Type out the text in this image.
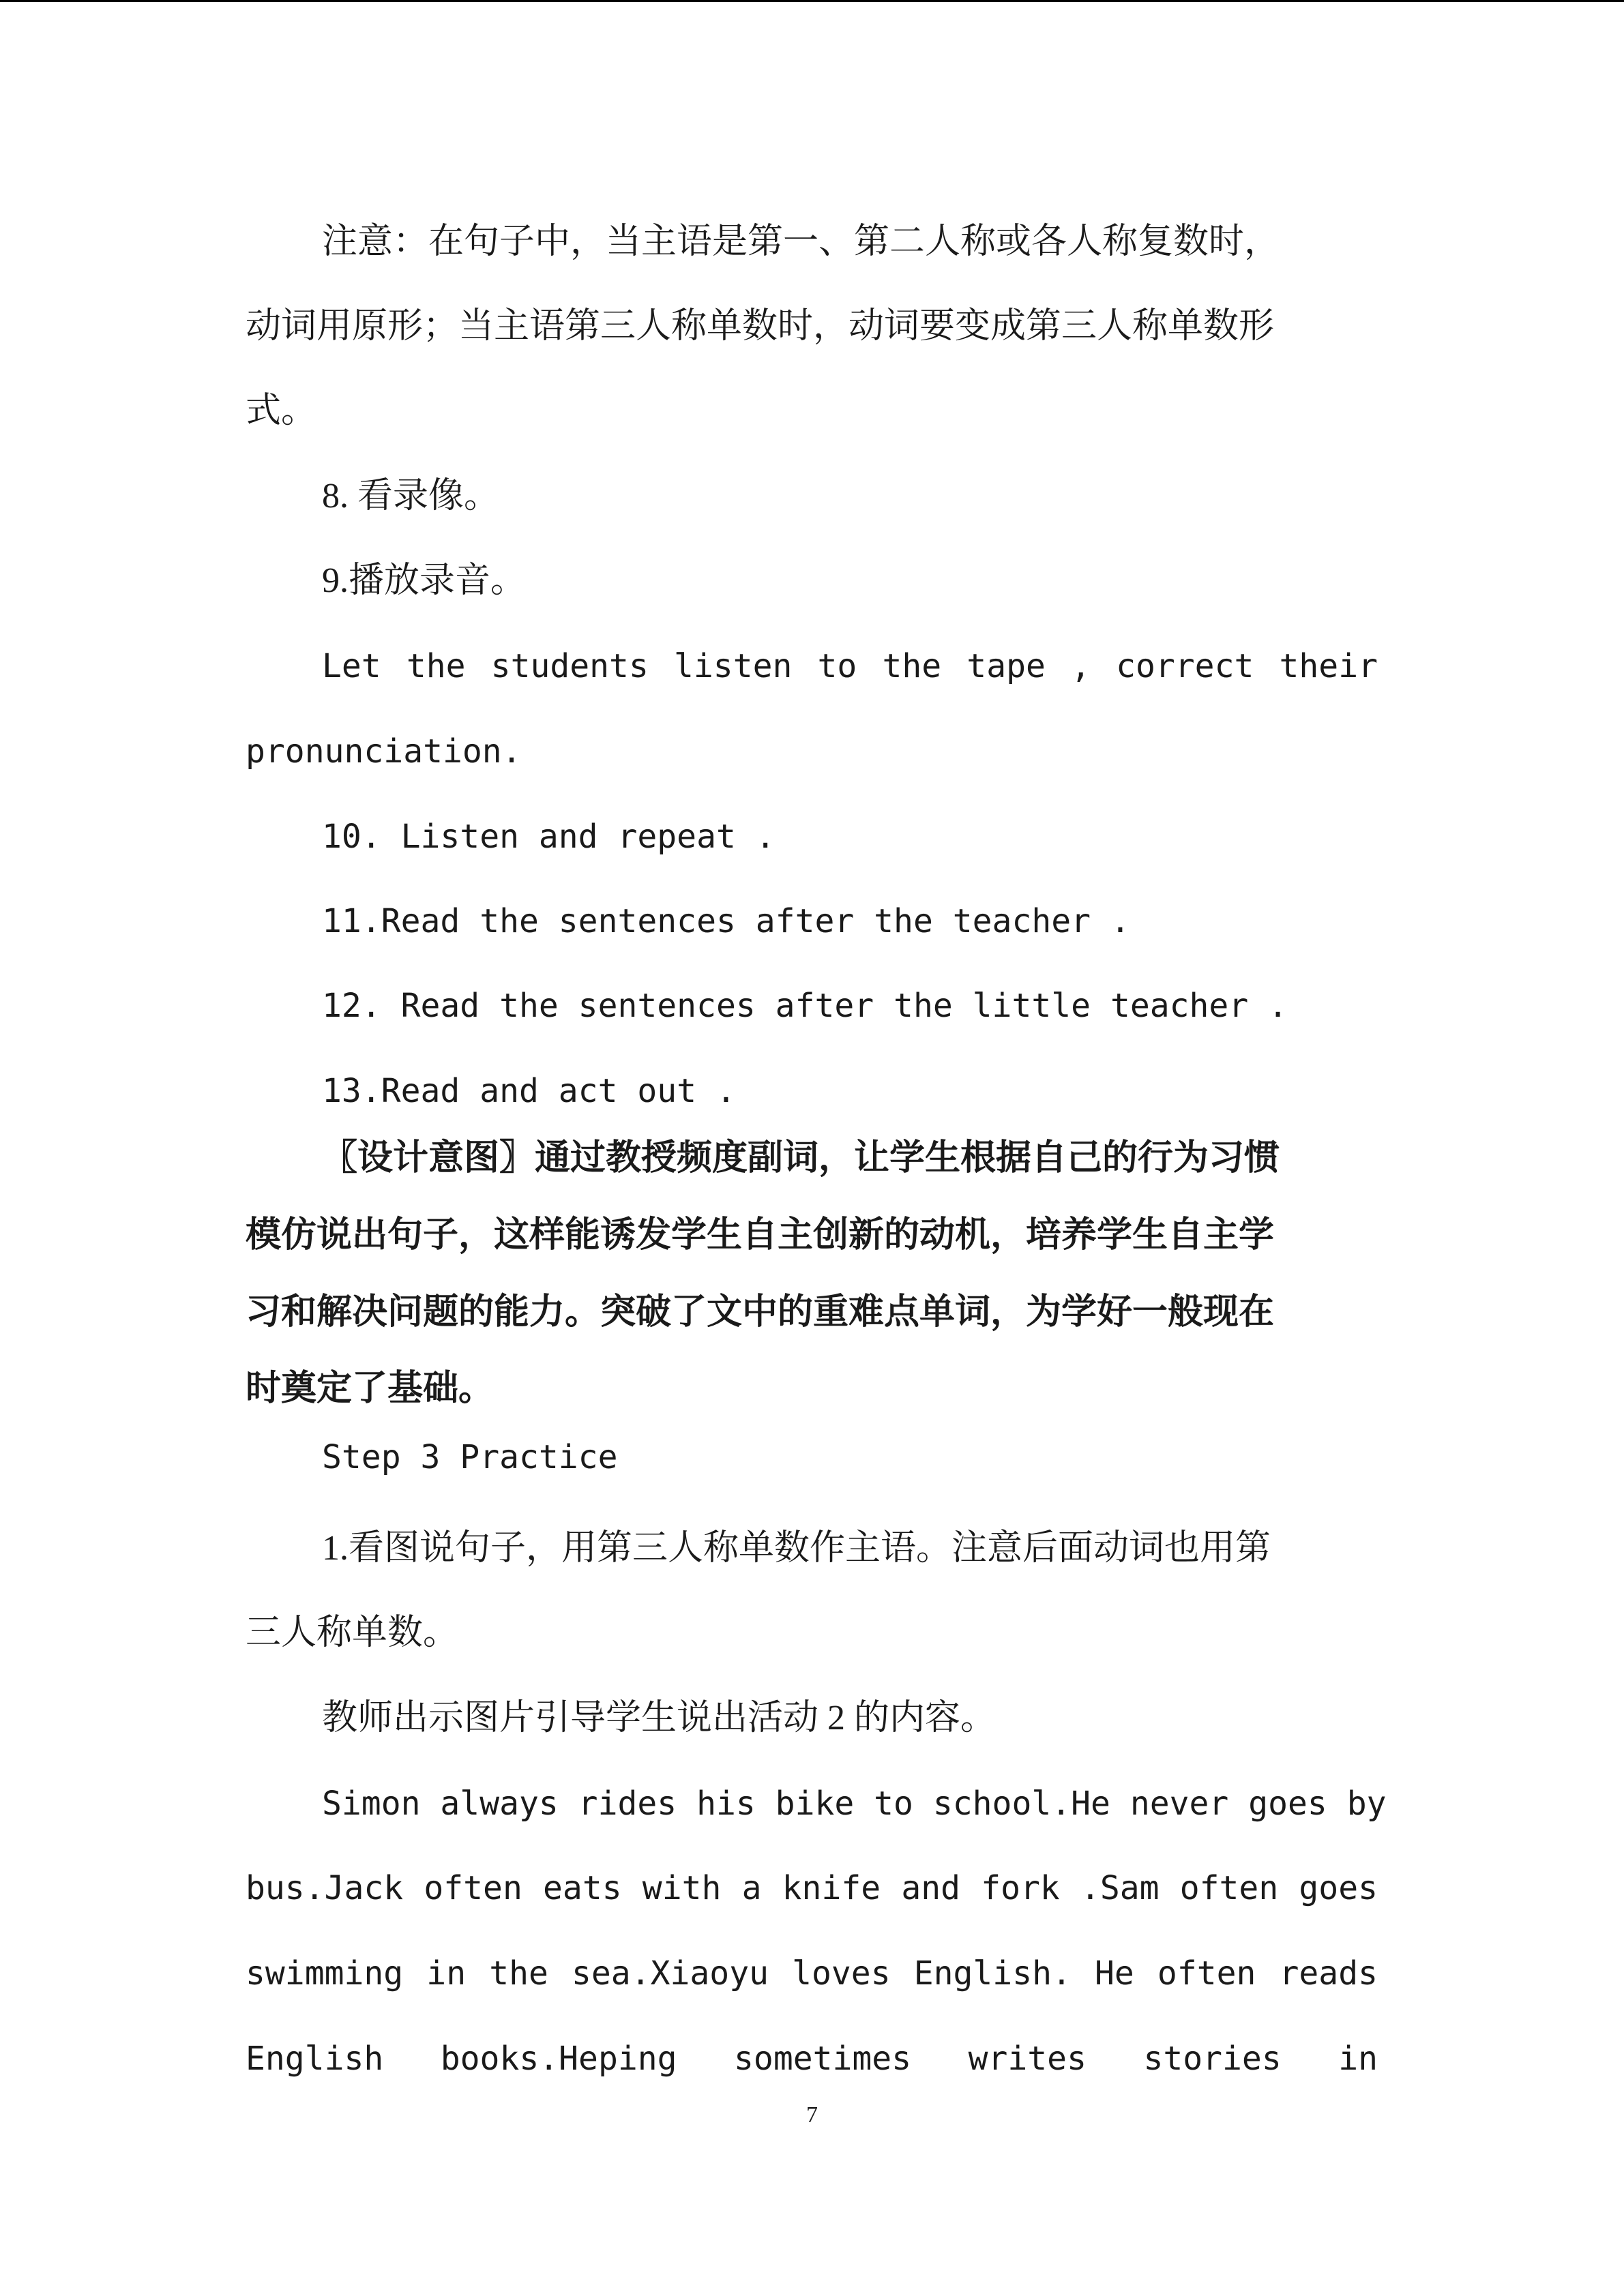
注意：在句子中，当主语是第一、第二人称或各人称复数时，
动词用原形；当主语第三人称单数时，动词要变成第三人称单数形
式。
8. 看录像。
9.播放录音。
Let the students listen to the tape , correct their
pronunciation.
10. Listen and repeat .
11.Read the sentences after the teacher .
12. Read the sentences after the little teacher .
13.Read and act out .
〖设计意图〗通过教授频度副词，让学生根据自己的行为习惯
模仿说出句子，这样能诱发学生自主创新的动机，培养学生自主学
习和解决问题的能力。突破了文中的重难点单词，为学好一般现在
时奠定了基础。
Step 3 Practice
1.看图说句子，用第三人称单数作主语。注意后面动词也用第
三人称单数。
教师出示图片引导学生说出活动 2 的内容。
Simon always rides his bike to school.He never goes by
bus.Jack often eats with a knife and fork .Sam often goes
swimming in the sea.Xiaoyu loves English. He often reads
English books.Heping sometimes writes stories in
7
